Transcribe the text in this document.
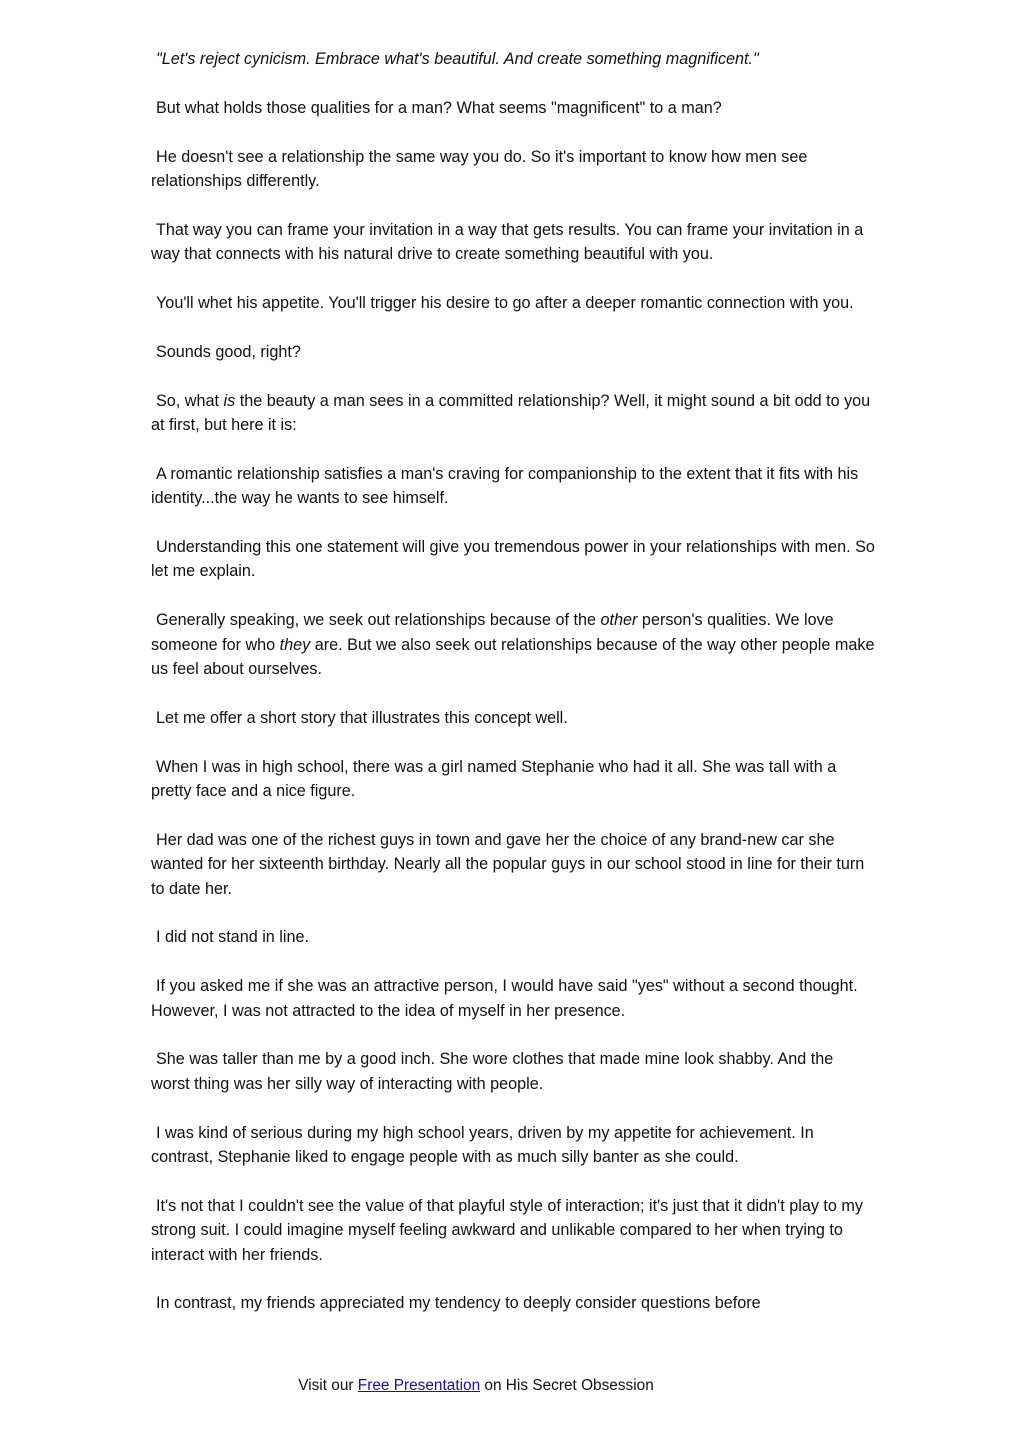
"Let's reject cynicism. Embrace what's beautiful. And create something magnificent."

But what holds those qualities for a man? What seems "magnificent" to a man?

He doesn't see a relationship the same way you do. So it's important to know how men see relationships differently.

That way you can frame your invitation in a way that gets results. You can frame your invitation in a way that connects with his natural drive to create something beautiful with you.

You'll whet his appetite. You'll trigger his desire to go after a deeper romantic connection with you.

Sounds good, right?

So, what is the beauty a man sees in a committed relationship? Well, it might sound a bit odd to you at first, but here it is:

A romantic relationship satisfies a man's craving for companionship to the extent that it fits with his identity...the way he wants to see himself.

Understanding this one statement will give you tremendous power in your relationships with men. So let me explain.

Generally speaking, we seek out relationships because of the other person's qualities. We love someone for who they are. But we also seek out relationships because of the way other people make us feel about ourselves.

Let me offer a short story that illustrates this concept well.

When I was in high school, there was a girl named Stephanie who had it all. She was tall with a pretty face and a nice figure.

Her dad was one of the richest guys in town and gave her the choice of any brand-new car she wanted for her sixteenth birthday. Nearly all the popular guys in our school stood in line for their turn to date her.

I did not stand in line.

If you asked me if she was an attractive person, I would have said "yes" without a second thought. However, I was not attracted to the idea of myself in her presence.

She was taller than me by a good inch. She wore clothes that made mine look shabby. And the worst thing was her silly way of interacting with people.

I was kind of serious during my high school years, driven by my appetite for achievement. In contrast, Stephanie liked to engage people with as much silly banter as she could.

It's not that I couldn't see the value of that playful style of interaction; it's just that it didn't play to my strong suit. I could imagine myself feeling awkward and unlikable compared to her when trying to interact with her friends.

In contrast, my friends appreciated my tendency to deeply consider questions before

Visit our Free Presentation on His Secret Obsession
